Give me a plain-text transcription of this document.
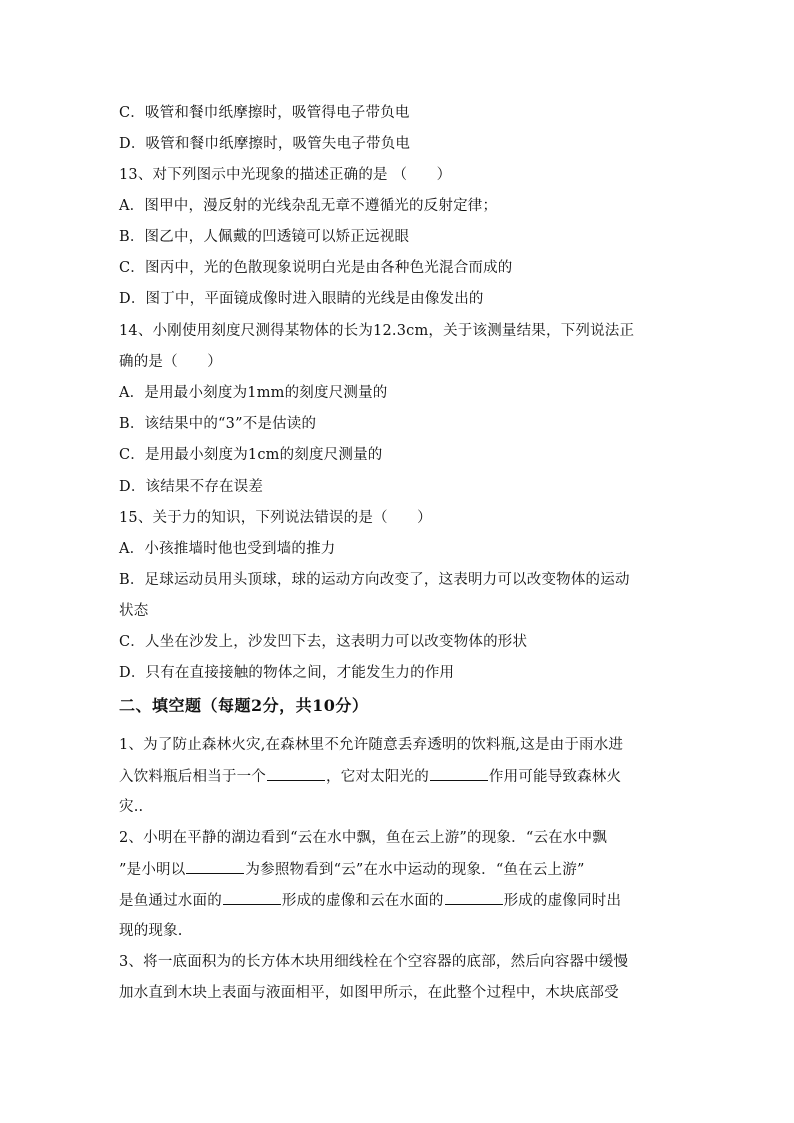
C．吸管和餐巾纸摩擦时，吸管得电子带负电
D．吸管和餐巾纸摩擦时，吸管失电子带负电
13、对下列图示中光现象的描述正确的是 （　　）
A．图甲中，漫反射的光线杂乱无章不遵循光的反射定律；
B．图乙中，人佩戴的凹透镜可以矫正远视眼
C．图丙中，光的色散现象说明白光是由各种色光混合而成的
D．图丁中，平面镜成像时进入眼睛的光线是由像发出的
14、小刚使用刻度尺测得某物体的长为12.3cm，关于该测量结果，下列说法正
确的是（　　）
A．是用最小刻度为1mm的刻度尺测量的
B．该结果中的“3”不是估读的
C．是用最小刻度为1cm的刻度尺测量的
D．该结果不存在误差
15、关于力的知识，下列说法错误的是（　　）
A．小孩推墙时他也受到墙的推力
B．足球运动员用头顶球，球的运动方向改变了，这表明力可以改变物体的运动
状态
C．人坐在沙发上，沙发凹下去，这表明力可以改变物体的形状
D．只有在直接接触的物体之间，才能发生力的作用
二、填空题（每题2分，共10分）
1、为了防止森林火灾,在森林里不允许随意丢弃透明的饮料瓶,这是由于雨水进
入饮料瓶后相当于一个	，它对太阳光的	作用可能导致森林火
灾..
2、小明在平静的湖边看到“云在水中飘，鱼在云上游”的现象．“云在水中飘
”是小明以	为参照物看到“云”在水中运动的现象．“鱼在云上游”
是鱼通过水面的	形成的虚像和云在水面的	形成的虚像同时出
现的现象.
3、将一底面积为的长方体木块用细线栓在个空容器的底部，然后向容器中缓慢
加水直到木块上表面与液面相平，如图甲所示，在此整个过程中，木块底部受
